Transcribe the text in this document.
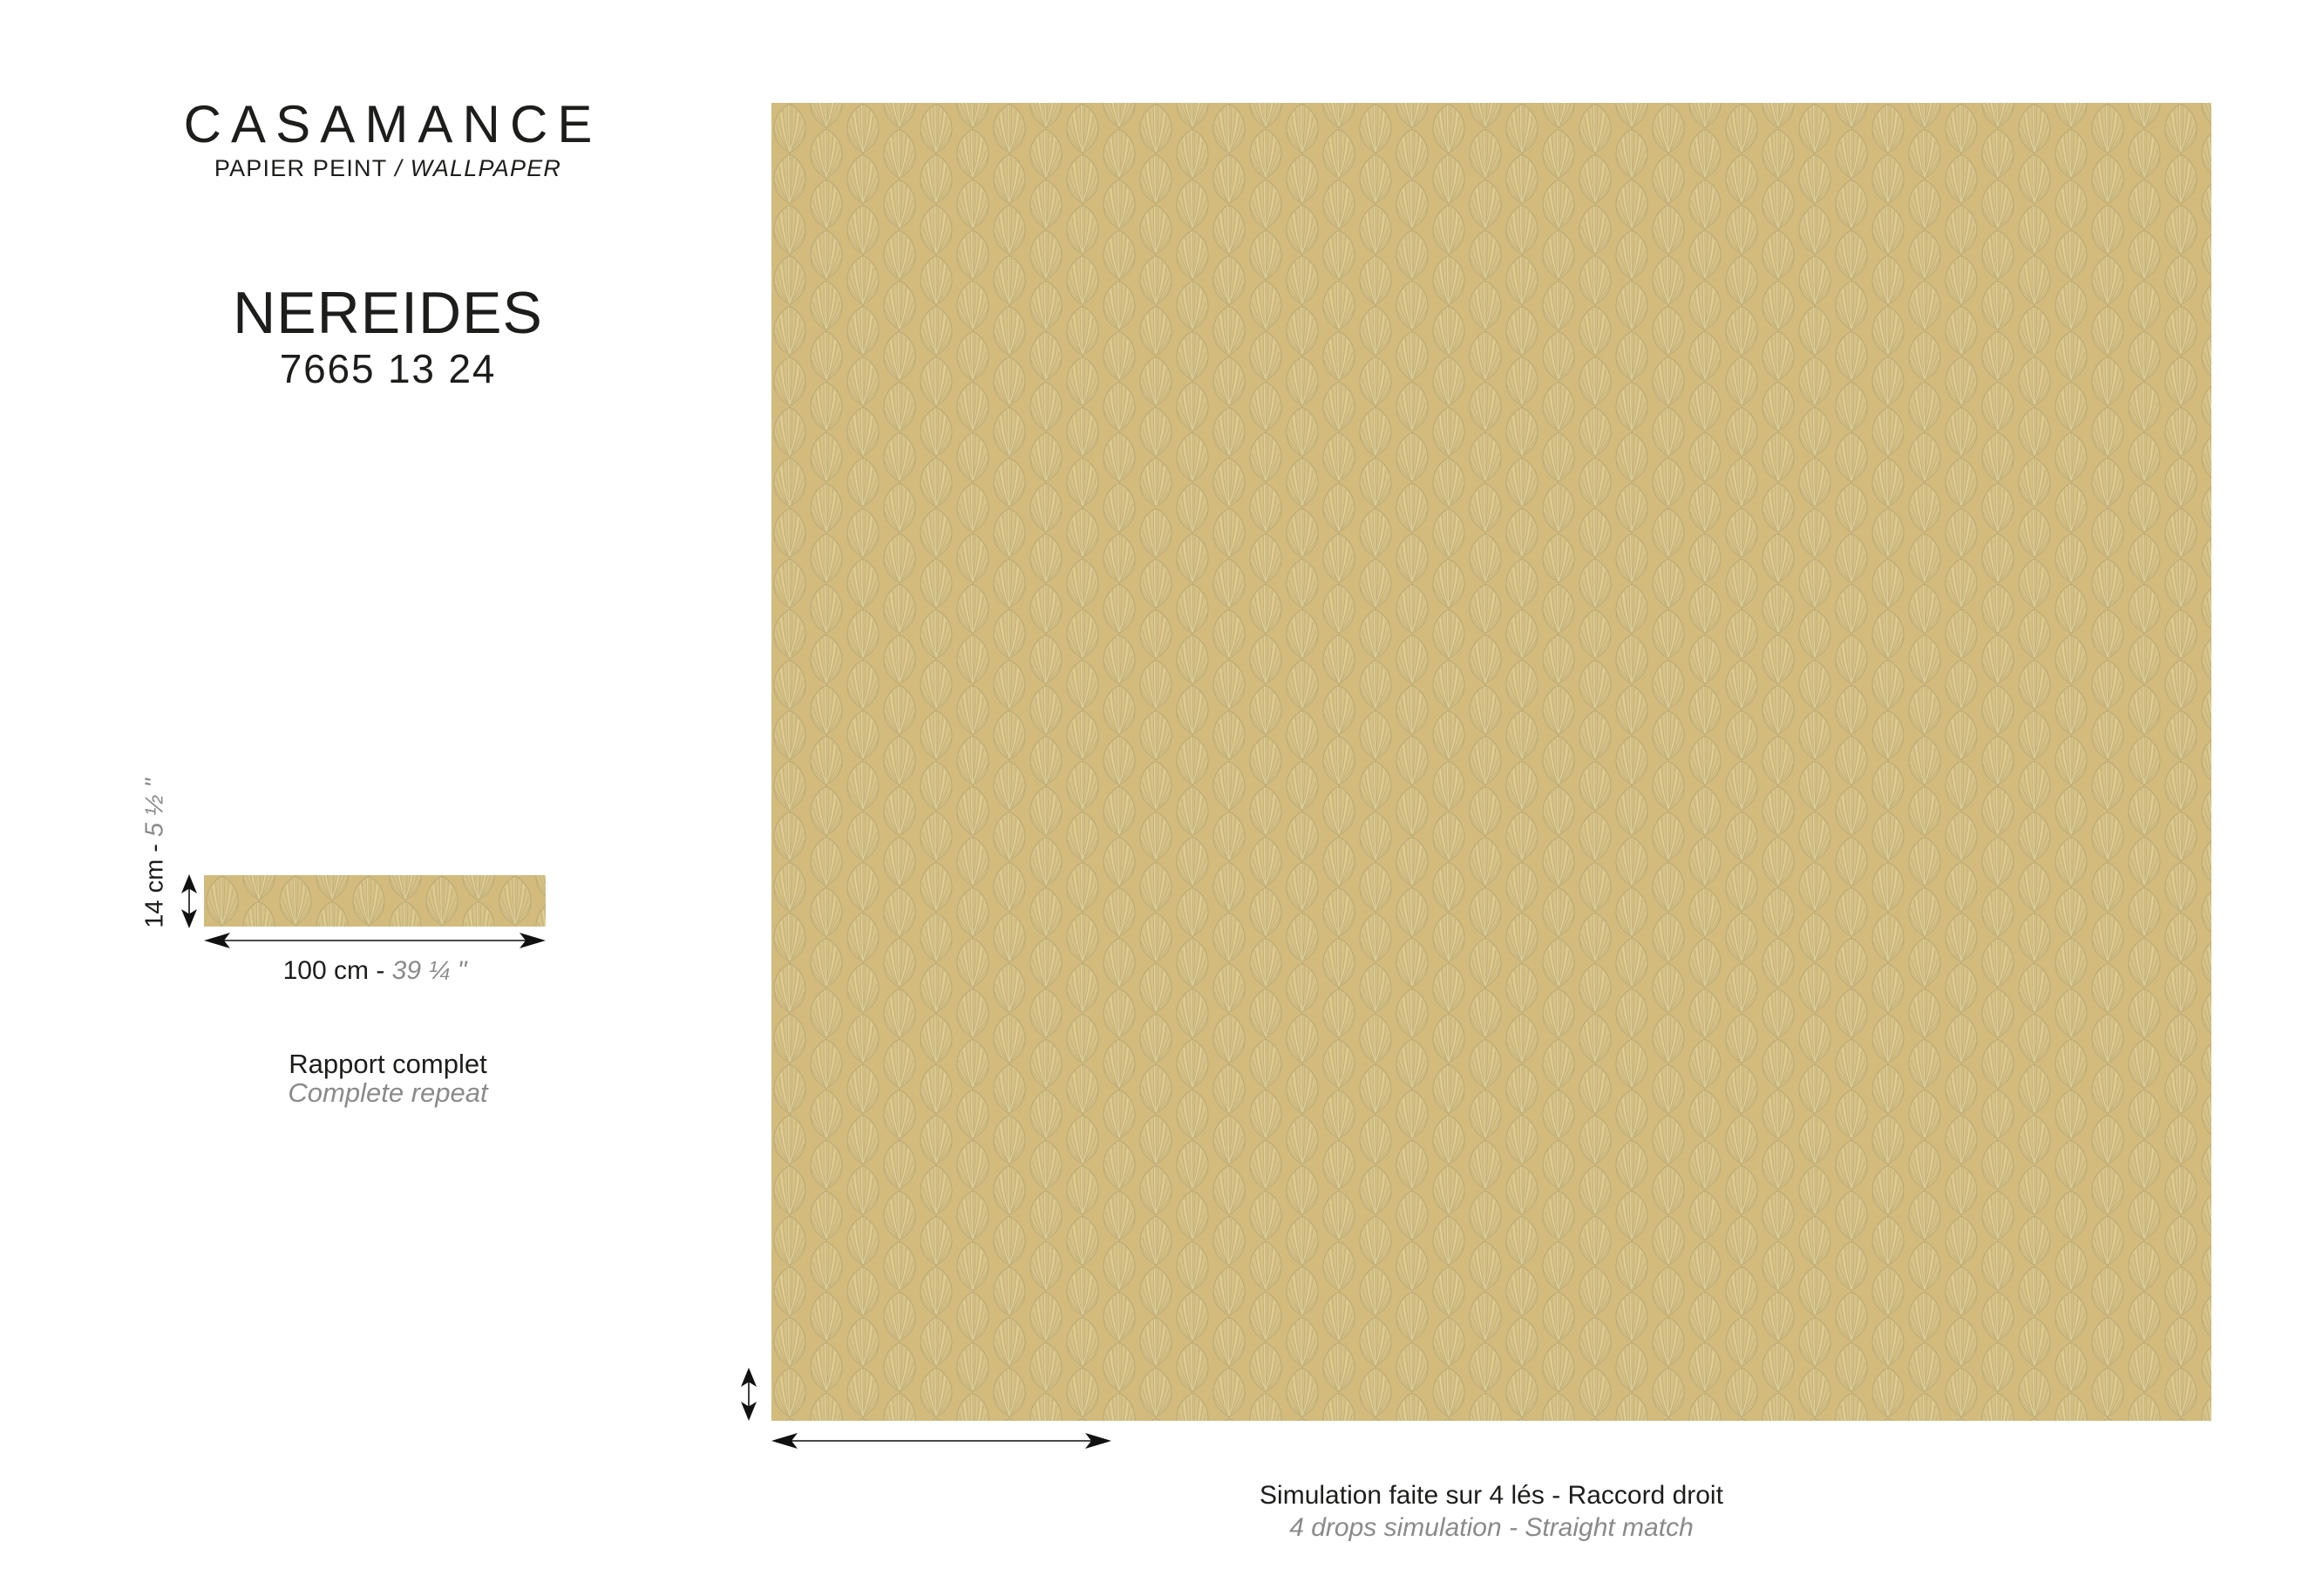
CASAMANCE
PAPIER PEINT / WALLPAPER
NEREIDES
7665 13 24
14 cm - 5 ½ "
100 cm - 39 ¼ "
Rapport complet
Complete repeat
Simulation faite sur 4 lés - Raccord droit
4 drops simulation - Straight match
